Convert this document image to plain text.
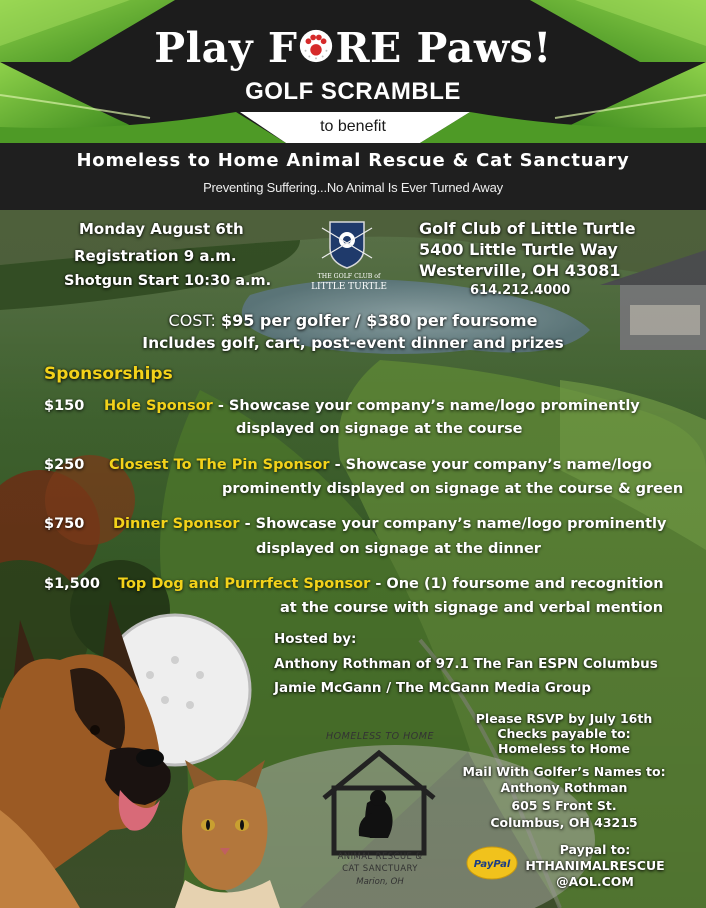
Play F RE Paws!
GOLF SCRAMBLE
to benefit
Homeless to Home Animal Rescue & Cat Sanctuary
Preventing Suffering...No Animal Is Ever Turned Away
Monday August 6th
Registration 9 a.m.
Shotgun Start 10:30 a.m.	THE GOLF CLUB of
LITTLE TURTLE
Golf Club of Little Turtle
5400 Little Turtle Way
Westerville, OH 43081
614.212.4000
COST: $95 per golfer / $380 per foursome
Includes golf, cart, post-event dinner and prizes
Sponsorships
$150 Hole Sponsor - Showcase your company’s name/logo prominently
displayed on signage at the course
$250 Closest To The Pin Sponsor - Showcase your company’s name/logo
prominently displayed on signage at the course & green
$750 Dinner Sponsor - Showcase your company’s name/logo prominently
displayed on signage at the dinner
$1,500 Top Dog and Purrrfect Sponsor - One (1) foursome and recognition
at the course with signage and verbal mention
Hosted by:
Anthony Rothman of 97.1 The Fan ESPN Columbus
Jamie McGann / The McGann Media Group
HOMELESS TO HOME
ANIMAL RESCUE &
CAT SANCTUARY
Marion, OH
Please RSVP by July 16th
Checks payable to:
Homeless to Home
Mail With Golfer’s Names to:
Anthony Rothman
605 S Front St.
Columbus, OH 43215
PayPal
Paypal to:
HTHANIMALRESCUE
@AOL.COM
